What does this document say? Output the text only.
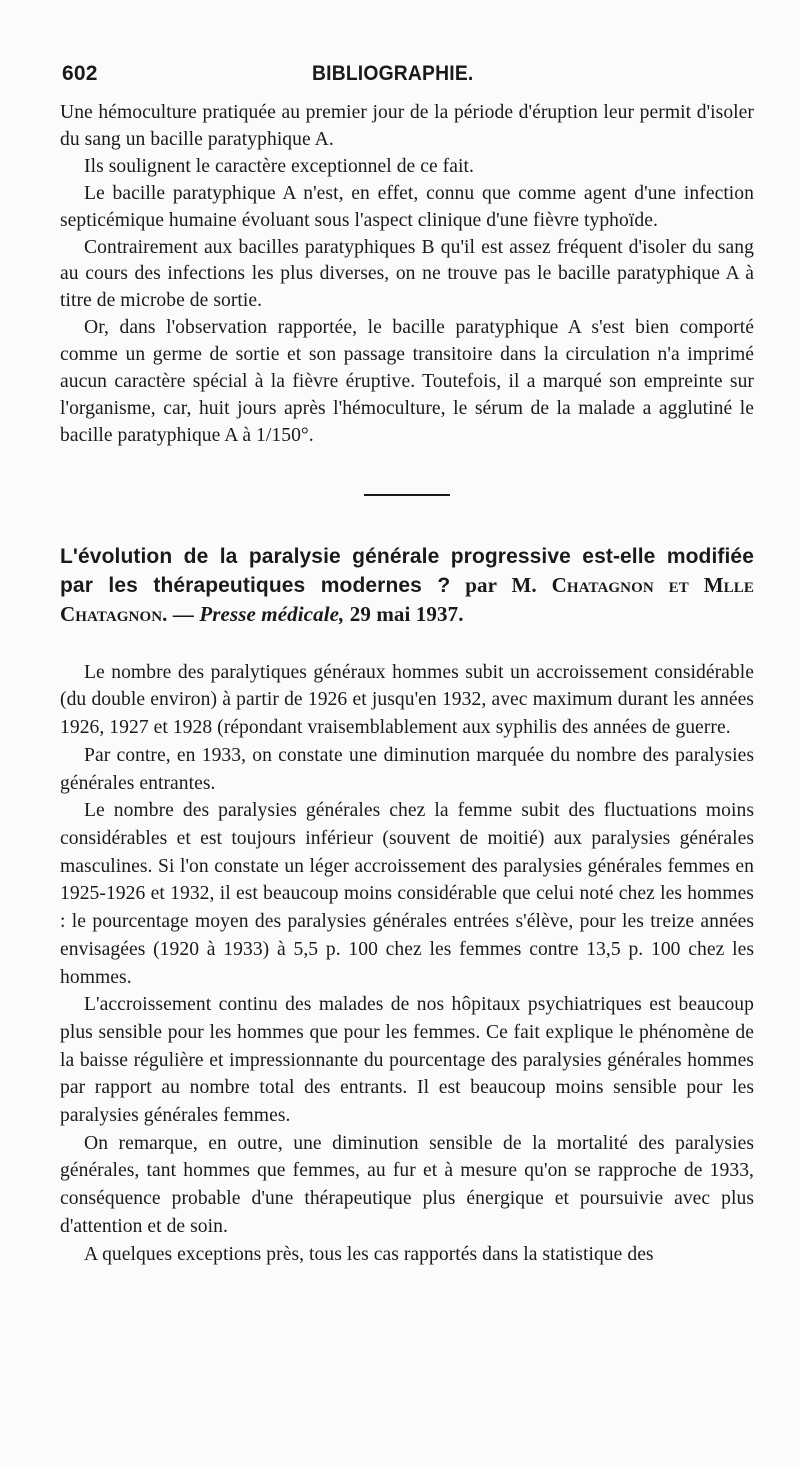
602	BIBLIOGRAPHIE.

Une hémoculture pratiquée au premier jour de la période d'éruption leur permit d'isoler du sang un bacille paratyphique A.

Ils soulignent le caractère exceptionnel de ce fait.

Le bacille paratyphique A n'est, en effet, connu que comme agent d'une infection septicémique humaine évoluant sous l'aspect clinique d'une fièvre typhoïde.

Contrairement aux bacilles paratyphiques B qu'il est assez fréquent d'isoler du sang au cours des infections les plus diverses, on ne trouve pas le bacille paratyphique A à titre de microbe de sortie.

Or, dans l'observation rapportée, le bacille paratyphique A s'est bien comporté comme un germe de sortie et son passage transitoire dans la circulation n'a imprimé aucun caractère spécial à la fièvre éruptive. Toutefois, il a marqué son empreinte sur l'organisme, car, huit jours après l'hémoculture, le sérum de la malade a agglutiné le bacille paratyphique A à 1/150°.

L'évolution de la paralysie générale progressive est-elle modifiée par les thérapeutiques modernes ? par M. Chatagnon et Mlle Chatagnon. — Presse médicale, 29 mai 1937.

Le nombre des paralytiques généraux hommes subit un accroissement considérable (du double environ) à partir de 1926 et jusqu'en 1932, avec maximum durant les années 1926, 1927 et 1928 (répondant vraisemblablement aux syphilis des années de guerre.

Par contre, en 1933, on constate une diminution marquée du nombre des paralysies générales entrantes.

Le nombre des paralysies générales chez la femme subit des fluctuations moins considérables et est toujours inférieur (souvent de moitié) aux paralysies générales masculines. Si l'on constate un léger accroissement des paralysies générales femmes en 1925-1926 et 1932, il est beaucoup moins considérable que celui noté chez les hommes : le pourcentage moyen des paralysies générales entrées s'élève, pour les treize années envisagées (1920 à 1933) à 5,5 p. 100 chez les femmes contre 13,5 p. 100 chez les hommes.

L'accroissement continu des malades de nos hôpitaux psychiatriques est beaucoup plus sensible pour les hommes que pour les femmes. Ce fait explique le phénomène de la baisse régulière et impressionnante du pourcentage des paralysies générales hommes par rapport au nombre total des entrants. Il est beaucoup moins sensible pour les paralysies générales femmes.

On remarque, en outre, une diminution sensible de la mortalité des paralysies générales, tant hommes que femmes, au fur et à mesure qu'on se rapproche de 1933, conséquence probable d'une thérapeutique plus énergique et poursuivie avec plus d'attention et de soin.

A quelques exceptions près, tous les cas rapportés dans la statistique des
